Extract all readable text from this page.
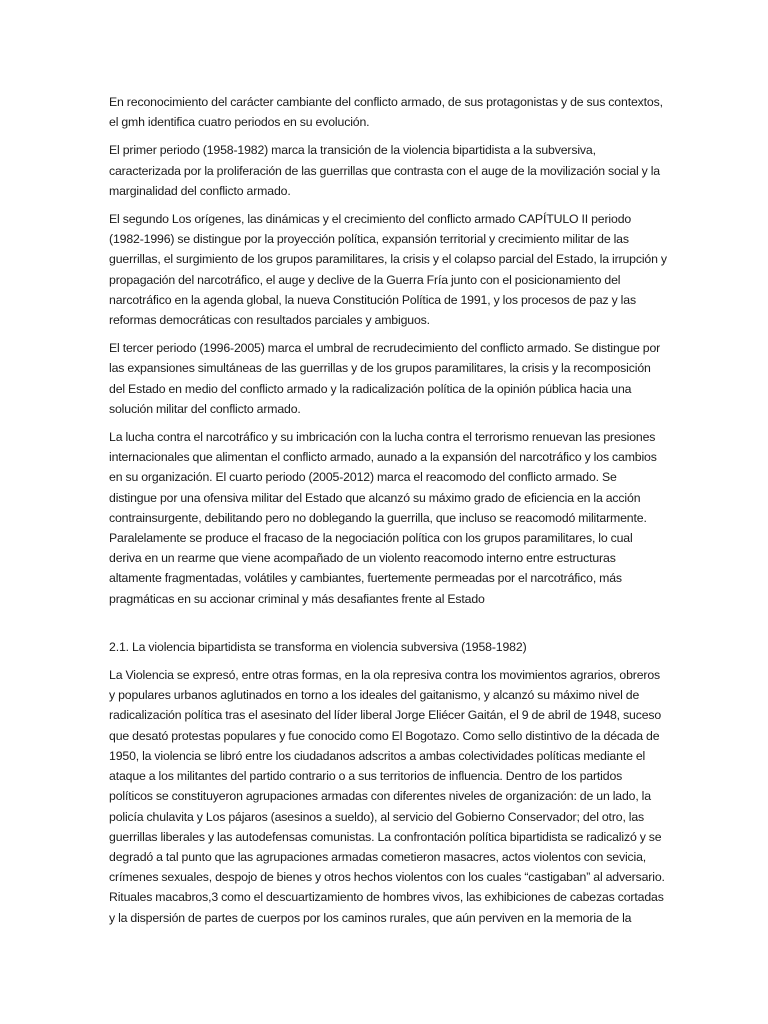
En reconocimiento del carácter cambiante del conflicto armado, de sus protagonistas y de sus contextos, el gmh identifica cuatro periodos en su evolución.

El primer periodo (1958-1982) marca la transición de la violencia bipartidista a la subversiva, caracterizada por la proliferación de las guerrillas que contrasta con el auge de la movilización social y la marginalidad del conflicto armado.

El segundo Los orígenes, las dinámicas y el crecimiento del conflicto armado CAPÍTULO II periodo (1982-1996) se distingue por la proyección política, expansión territorial y crecimiento militar de las guerrillas, el surgimiento de los grupos paramilitares, la crisis y el colapso parcial del Estado, la irrupción y propagación del narcotráfico, el auge y declive de la Guerra Fría junto con el posicionamiento del narcotráfico en la agenda global, la nueva Constitución Política de 1991, y los procesos de paz y las reformas democráticas con resultados parciales y ambiguos.

El tercer periodo (1996-2005) marca el umbral de recrudecimiento del conflicto armado. Se distingue por las expansiones simultáneas de las guerrillas y de los grupos paramilitares, la crisis y la recomposición del Estado en medio del conflicto armado y la radicalización política de la opinión pública hacia una solución militar del conflicto armado.

La lucha contra el narcotráfico y su imbricación con la lucha contra el terrorismo renuevan las presiones internacionales que alimentan el conflicto armado, aunado a la expansión del narcotráfico y los cambios en su organización. El cuarto periodo (2005-2012) marca el reacomodo del conflicto armado. Se distingue por una ofensiva militar del Estado que alcanzó su máximo grado de eficiencia en la acción contrainsurgente, debilitando pero no doblegando la guerrilla, que incluso se reacomodó militarmente. Paralelamente se produce el fracaso de la negociación política con los grupos paramilitares, lo cual deriva en un rearme que viene acompañado de un violento reacomodo interno entre estructuras altamente fragmentadas, volátiles y cambiantes, fuertemente permeadas por el narcotráfico, más pragmáticas en su accionar criminal y más desafiantes frente al Estado

2.1. La violencia bipartidista se transforma en violencia subversiva (1958-1982)

La Violencia se expresó, entre otras formas, en la ola represiva contra los movimientos agrarios, obreros y populares urbanos aglutinados en torno a los ideales del gaitanismo, y alcanzó su máximo nivel de radicalización política tras el asesinato del líder liberal Jorge Eliécer Gaitán, el 9 de abril de 1948, suceso que desató protestas populares y fue conocido como El Bogotazo. Como sello distintivo de la década de 1950, la violencia se libró entre los ciudadanos adscritos a ambas colectividades políticas mediante el ataque a los militantes del partido contrario o a sus territorios de influencia. Dentro de los partidos políticos se constituyeron agrupaciones armadas con diferentes niveles de organización: de un lado, la policía chulavita y Los pájaros (asesinos a sueldo), al servicio del Gobierno Conservador; del otro, las guerrillas liberales y las autodefensas comunistas. La confrontación política bipartidista se radicalizó y se degradó a tal punto que las agrupaciones armadas cometieron masacres, actos violentos con sevicia, crímenes sexuales, despojo de bienes y otros hechos violentos con los cuales “castigaban” al adversario. Rituales macabros,3 como el descuartizamiento de hombres vivos, las exhibiciones de cabezas cortadas y la dispersión de partes de cuerpos por los caminos rurales, que aún perviven en la memoria de la
